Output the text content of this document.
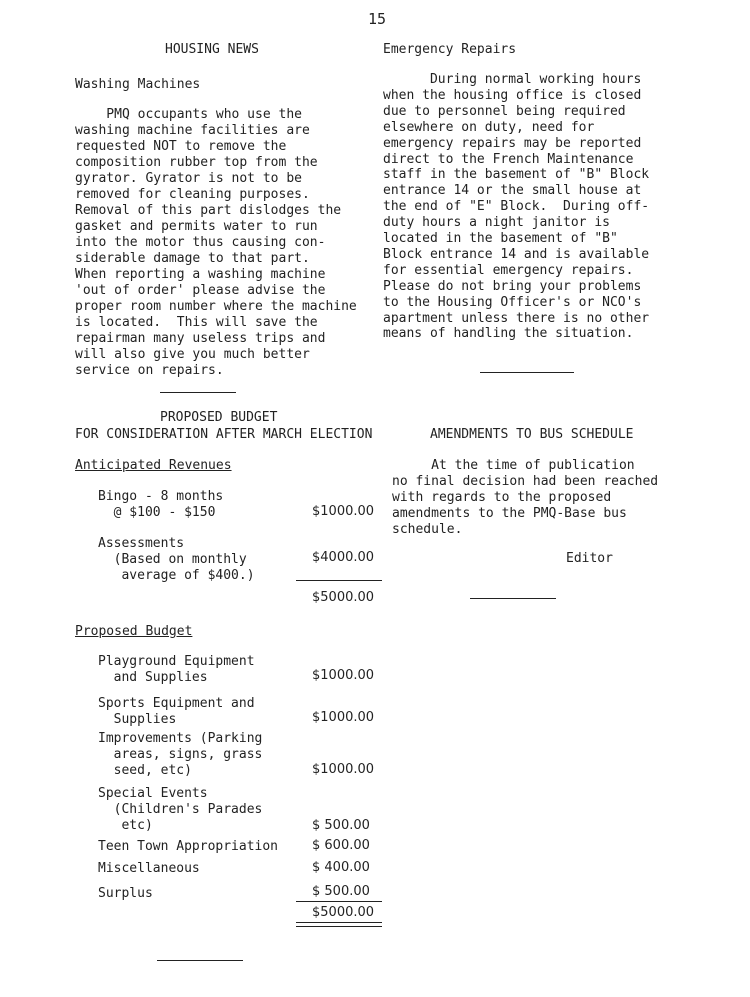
15
HOUSING NEWS
Washing Machines
PMQ occupants who use the
washing machine facilities are
requested NOT to remove the
composition rubber top from the
gyrator. Gyrator is not to be
removed for cleaning purposes.
Removal of this part dislodges the
gasket and permits water to run
into the motor thus causing con-
siderable damage to that part.
When reporting a washing machine
'out of order' please advise the
proper room number where the machine
is located.  This will save the
repairman many useless trips and
will also give you much better
service on repairs.
Emergency Repairs
During normal working hours
when the housing office is closed
due to personnel being required
elsewhere on duty, need for
emergency repairs may be reported
direct to the French Maintenance
staff in the basement of "B" Block
entrance 14 or the small house at
the end of "E" Block.  During off-
duty hours a night janitor is
located in the basement of "B"
Block entrance 14 and is available
for essential emergency repairs.
Please do not bring your problems
to the Housing Officer's or NCO's
apartment unless there is no other
means of handling the situation.
PROPOSED BUDGET
FOR CONSIDERATION AFTER MARCH ELECTION
Anticipated Revenues
Bingo - 8 months
@ $100 - $150	$1000.00
Assessments
(Based on monthly
average of $400.)
$4000.00
$5000.00
Proposed Budget
Playground Equipment
and Supplies	$1000.00
Sports Equipment and
Supplies	$1000.00
Improvements (Parking
areas, signs, grass
seed, etc)	$1000.00
Special Events
(Children's Parades
etc)	$ 500.00
Teen Town Appropriation	$ 600.00
Miscellaneous	$ 400.00
Surplus	$ 500.00
$5000.00
AMENDMENTS TO BUS SCHEDULE
At the time of publication
no final decision had been reached
with regards to the proposed
amendments to the PMQ-Base bus
schedule.
Editor
